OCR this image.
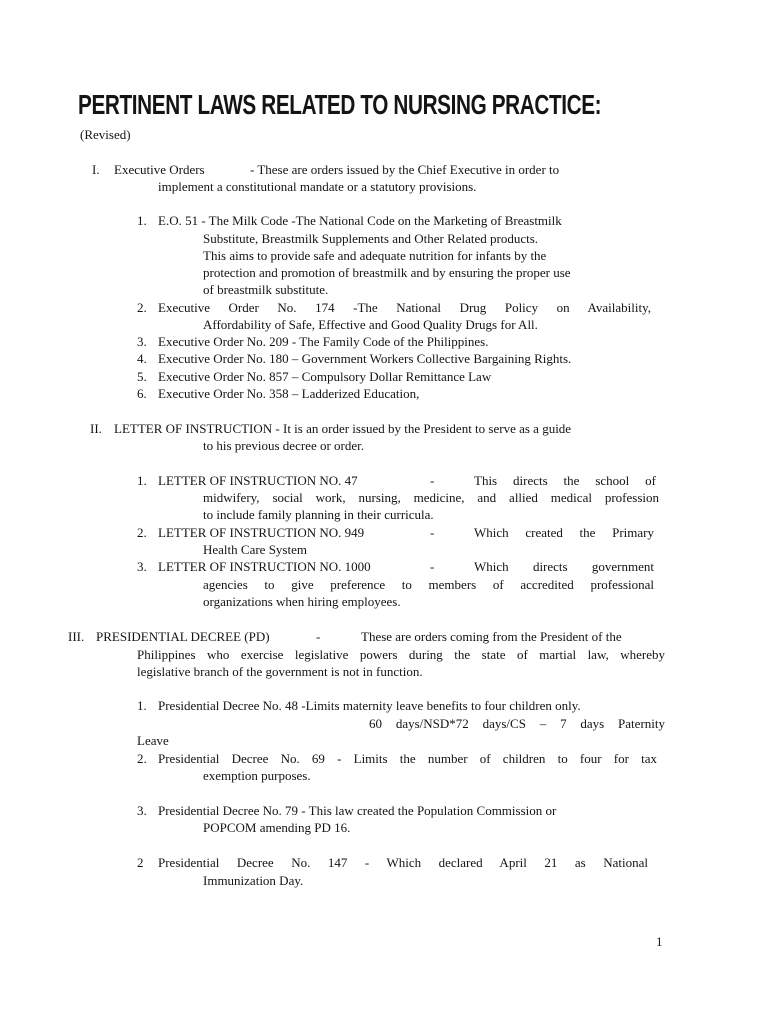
PERTINENT LAWS RELATED TO NURSING PRACTICE:
(Revised)
I. Executive Orders	- These are orders issued by the Chief Executive in order to
implement a constitutional mandate or a statutory provisions.
1. E.O. 51 - The Milk Code -The National Code on the Marketing of Breastmilk
Substitute, Breastmilk Supplements and Other Related products.
This aims to provide safe and adequate nutrition for infants by the
protection and promotion of breastmilk and by ensuring the proper use
of breastmilk substitute.
2. Executive Order No. 174 -The National Drug Policy on Availability,
Affordability of Safe, Effective and Good Quality Drugs for All.
3. Executive Order No. 209 - The Family Code of the Philippines.
4. Executive Order No. 180 – Government Workers Collective Bargaining Rights.
5. Executive Order No. 857 – Compulsory Dollar Remittance Law
6. Executive Order No. 358 – Ladderized Education,
II. LETTER OF INSTRUCTION - It is an order issued by the President to serve as a guide
to his previous decree or order.
1. LETTER OF INSTRUCTION NO. 47	-	This directs the school of
midwifery, social work, nursing, medicine, and allied medical profession
to include family planning in their curricula.
2. LETTER OF INSTRUCTION NO. 949	-	Which created the Primary
Health Care System
3. LETTER OF INSTRUCTION NO. 1000	-	Which directs government
agencies to give preference to members of accredited professional
organizations when hiring employees.
III. PRESIDENTIAL DECREE (PD)	-	These are orders coming from the President of the
Philippines who exercise legislative powers during the state of martial law, whereby
legislative branch of the government is not in function.
1. Presidential Decree No. 48 -Limits maternity leave benefits to four children only.
60 days/NSD*72 days/CS – 7 days Paternity
Leave
2. Presidential Decree No. 69 - Limits the number of children to four for tax
exemption purposes.
3. Presidential Decree No. 79 - This law created the Population Commission or
POPCOM amending PD 16.
2 Presidential Decree No. 147 - Which declared April 21 as National
Immunization Day.
1
